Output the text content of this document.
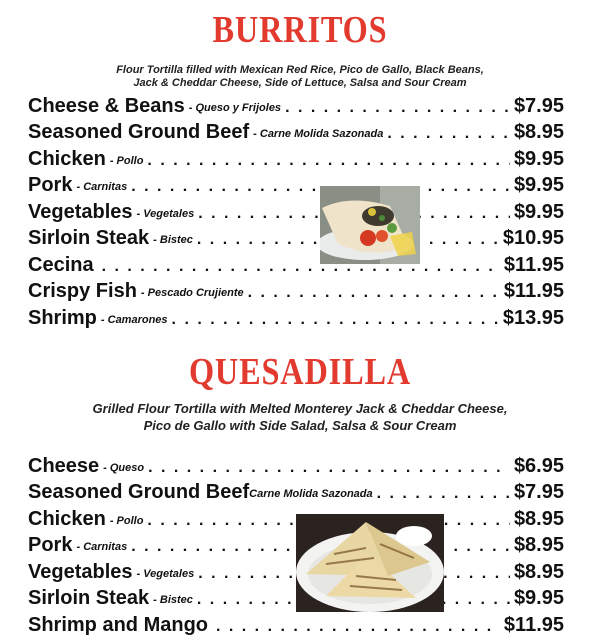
BURRITOS
Flour Tortilla filled with Mexican Red Rice, Pico de Gallo, Black Beans,
Jack & Cheddar Cheese, Side of Lettuce, Salsa and Sour Cream
Cheese & Beans - Queso y Frijoles . . .	$7.95
Seasoned Ground Beef - Carne Molida Sazonada . . .	$8.95
Chicken - Pollo . . .	$9.95
Pork - Carnitas . . .	$9.95
Vegetables - Vegetales . . .	$9.95
Sirloin Steak - Bistec . . .	$10.95
Cecina . . .	$11.95
Crispy Fish - Pescado Crujiente . . .	$11.95
Shrimp - Camarones . . .	$13.95
QUESADILLA
Grilled Flour Tortilla with Melted Monterey Jack & Cheddar Cheese,
Pico de Gallo with Side Salad, Salsa & Sour Cream
Cheese - Queso . . .	$6.95
Seasoned Ground Beef Carne Molida Sazonada . . .	$7.95
Chicken - Pollo . . .	$8.95
Pork - Carnitas . . .	$8.95
Vegetables - Vegetales . . .	$8.95
Sirloin Steak - Bistec . . .	$9.95
Shrimp and Mango . . .	$11.95
